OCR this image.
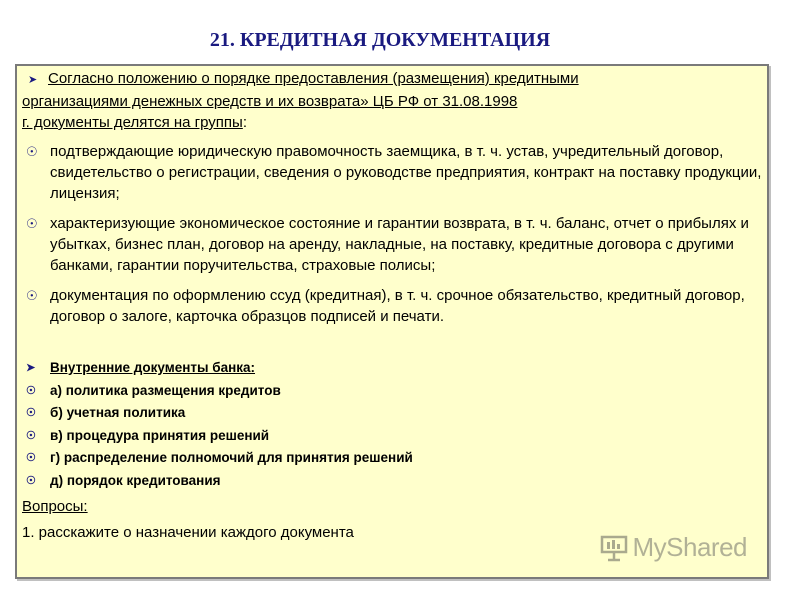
21. КРЕДИТНАЯ ДОКУМЕНТАЦИЯ
➤ Согласно положению о порядке предоставления (размещения) кредитными
организациями денежных средств и их возврата» ЦБ РФ от 31.08.1998
г. документы делятся на группы:
☉ подтверждающие юридическую правомочность заемщика, в т. ч. устав, учредительный договор, свидетельство о регистрации, сведения о руководстве предприятия, контракт на поставку продукции, лицензия;
☉ характеризующие экономическое состояние и гарантии возврата, в т. ч. баланс, отчет о прибылях и убытках, бизнес план, договор на аренду, накладные, на поставку, кредитные договора с другими банками, гарантии поручительства, страховые полисы;
☉ документация по оформлению ссуд (кредитная), в т. ч. срочное обязательство, кредитный договор, договор о залоге, карточка образцов подписей и печати.
➤	Внутренние документы банка:
☉	а) политика размещения кредитов
☉	б) учетная политика
☉	в) процедура принятия решений
☉	г) распределение полномочий для принятия решений
☉	д) порядок кредитования
Вопросы:
1. расскажите о назначении каждого документа	MyShared
